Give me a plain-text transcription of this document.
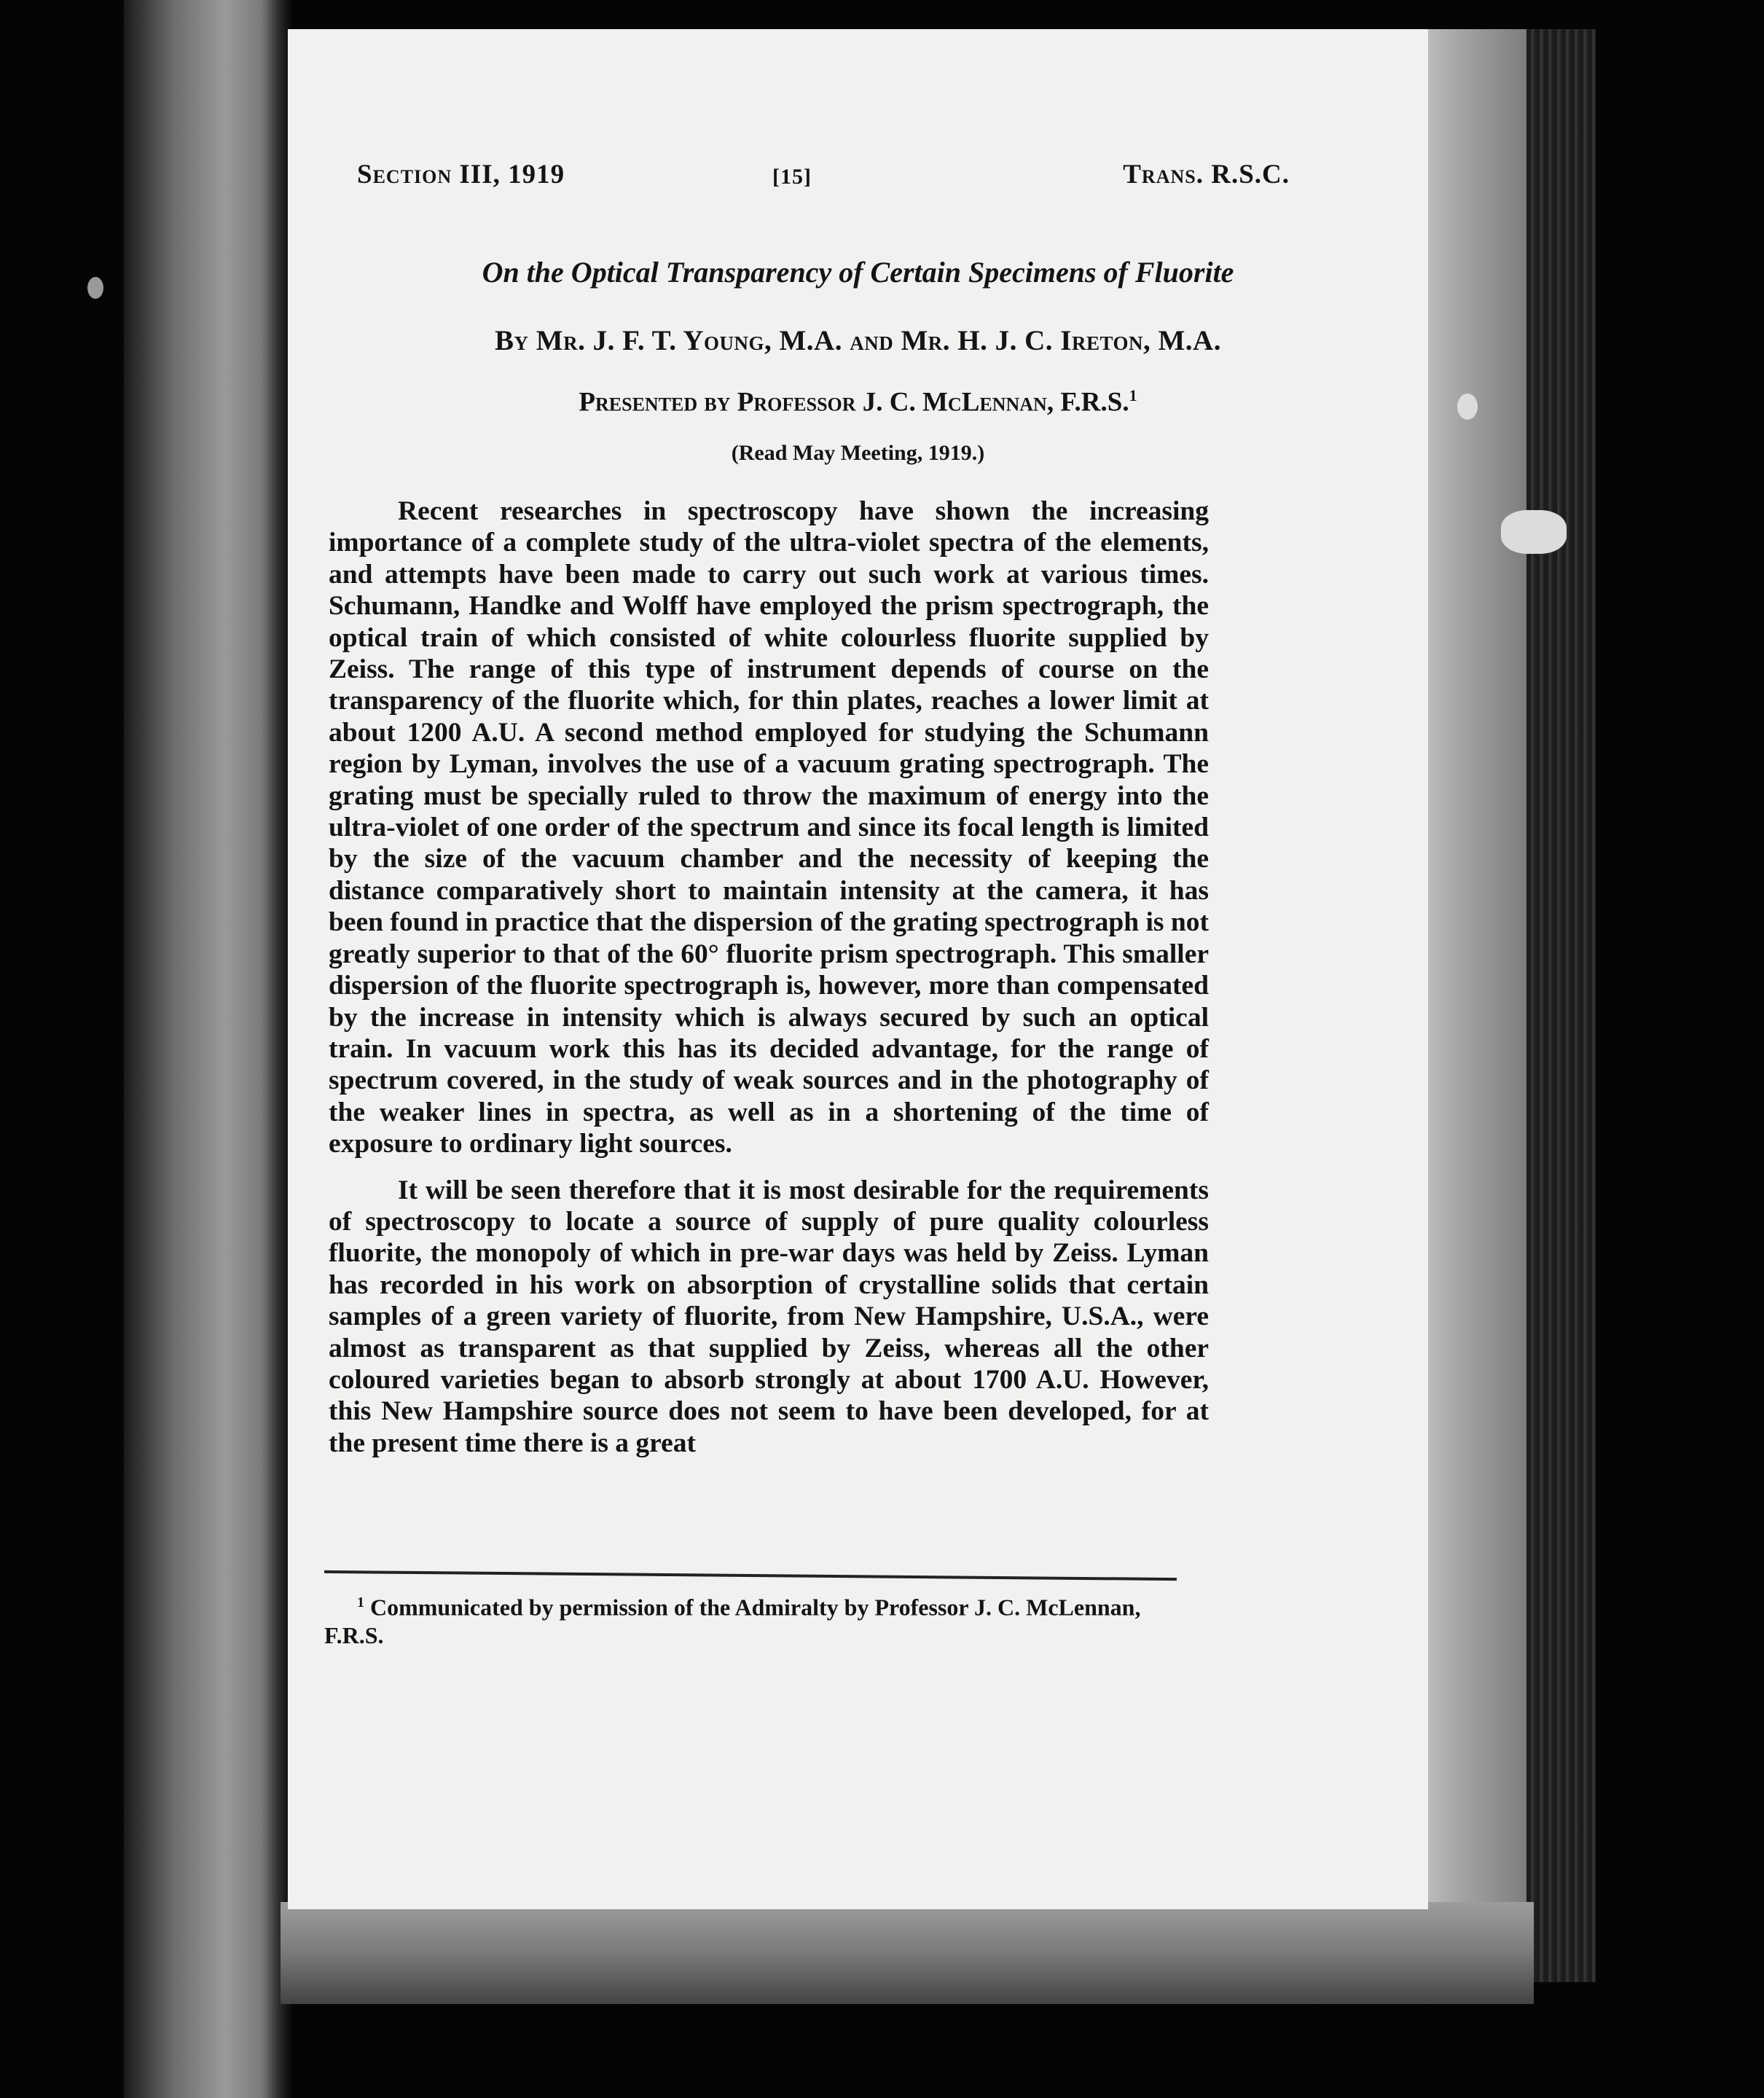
Section III, 1919	[15]	Trans. R.S.C.
On the Optical Transparency of Certain Specimens of Fluorite
By Mr. J. F. T. Young, M.A. and Mr. H. J. C. Ireton, M.A.
Presented by Professor J. C. McLennan, F.R.S.$^1$
(Read May Meeting, 1919.)

Recent researches in spectroscopy have shown the increasing importance of a complete study of the ultra-violet spectra of the elements, and attempts have been made to carry out such work at various times. Schumann, Handke and Wolff have employed the prism spectrograph, the optical train of which consisted of white colourless fluorite supplied by Zeiss. The range of this type of instrument depends of course on the transparency of the fluorite which, for thin plates, reaches a lower limit at about 1200 A.U. A second method employed for studying the Schumann region by Lyman, involves the use of a vacuum grating spectrograph. The grating must be specially ruled to throw the maximum of energy into the ultra-violet of one order of the spectrum and since its focal length is limited by the size of the vacuum chamber and the necessity of keeping the distance comparatively short to maintain intensity at the camera, it has been found in practice that the dispersion of the grating spectrograph is not greatly superior to that of the 60° fluorite prism spectrograph. This smaller dispersion of the fluorite spectrograph is, however, more than compensated by the increase in intensity which is always secured by such an optical train. In vacuum work this has its decided advantage, for the range of spectrum covered, in the study of weak sources and in the photography of the weaker lines in spectra, as well as in a shortening of the time of exposure to ordinary light sources.

It will be seen therefore that it is most desirable for the requirements of spectroscopy to locate a source of supply of pure quality colourless fluorite, the monopoly of which in pre-war days was held by Zeiss. Lyman has recorded in his work on absorption of crystalline solids that certain samples of a green variety of fluorite, from New Hampshire, U.S.A., were almost as transparent as that supplied by Zeiss, whereas all the other coloured varieties began to absorb strongly at about 1700 A.U. However, this New Hampshire source does not seem to have been developed, for at the present time there is a great

$^1$ Communicated by permission of the Admiralty by Professor J. C. McLennan,
F.R.S.
